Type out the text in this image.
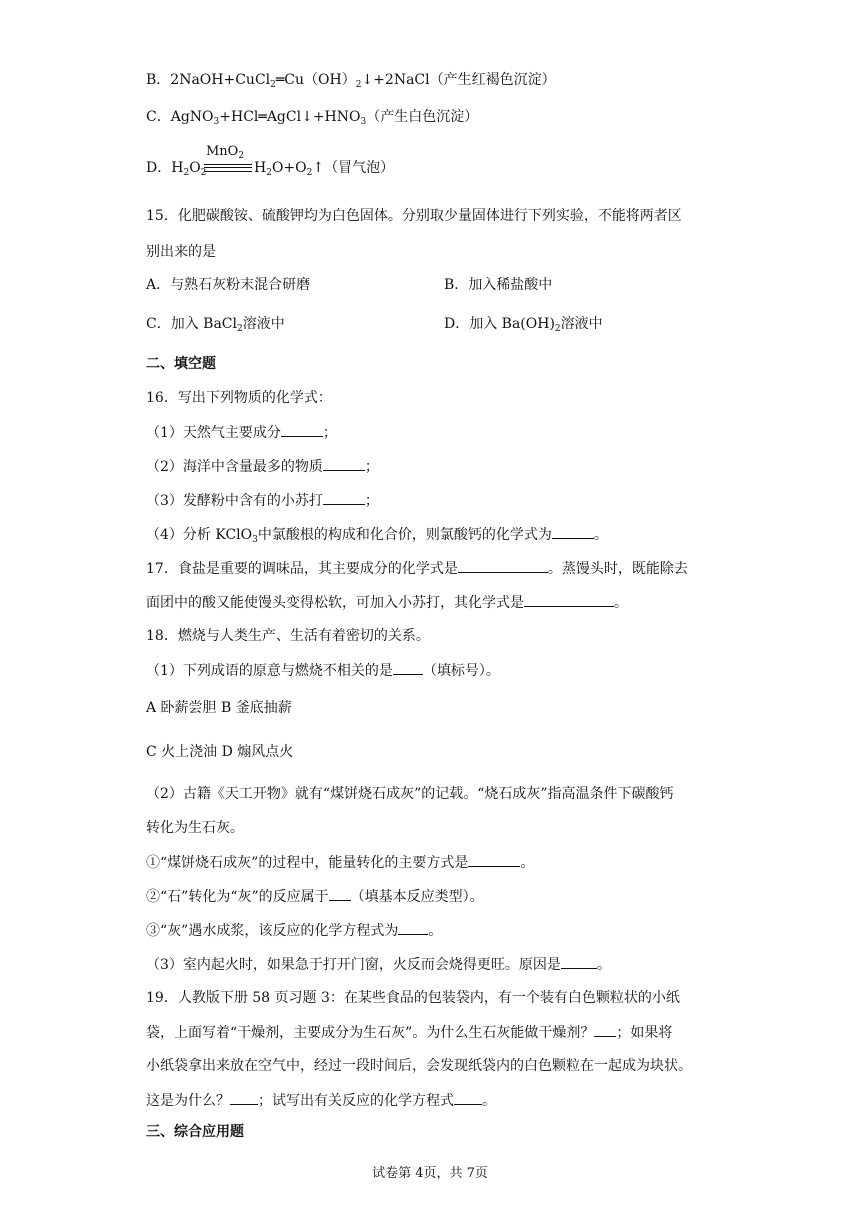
B．$2NaOH+CuCl_2═Cu(OH)_2↓+2NaCl$（产生红褐色沉淀）
C．$AgNO_3+HCl═AgCl↓+HNO_3$（产生白色沉淀）
D．$H_2O_2$
MnO$_2$
$H_2O+O_2↑$（冒气泡）
15．化肥碳酸铵、硫酸钾均为白色固体。分别取少量固体进行下列实验，不能将两者区
别出来的是
A．与熟石灰粉末混合研磨	B．加入稀盐酸中
C．加入 BaCl$_2$溶液中	D．加入 $Ba(OH)_2$溶液中
二、填空题
16．写出下列物质的化学式：
（1）天然气主要成分	；
（2）海洋中含量最多的物质	；
（3）发酵粉中含有的小苏打	；
（4）分析 KClO$_3$中氯酸根的构成和化合价，则氯酸钙的化学式为	。
17．食盐是重要的调味品，其主要成分的化学式是	。蒸馒头时，既能除去
面团中的酸又能使馒头变得松软，可加入小苏打，其化学式是	。
18．燃烧与人类生产、生活有着密切的关系。
（1）下列成语的原意与燃烧不相关的是 （填标号）。
A 卧薪尝胆 B 釜底抽薪
C 火上浇油 D 煽风点火
（2）古籍《天工开物》就有“煤饼烧石成灰”的记载。“烧石成灰”指高温条件下碳酸钙
转化为生石灰。
①“煤饼烧石成灰”的过程中，能量转化的主要方式是	。
②“石”转化为“灰”的反应属于 （填基本反应类型）。
③“灰”遇水成浆，该反应的化学方程式为 。
（3）室内起火时，如果急于打开门窗，火反而会烧得更旺。原因是	。
19．人教版下册 58 页习题 3：在某些食品的包装袋内，有一个装有白色颗粒状的小纸
袋，上面写着“干燥剂，主要成分为生石灰”。为什么生石灰能做干燥剂？ ；如果将
小纸袋拿出来放在空气中，经过一段时间后，会发现纸袋内的白色颗粒在一起成为块状。
这是为什么？ ；试写出有关反应的化学方程式 。
三、综合应用题
试卷第 4页，共 7页
